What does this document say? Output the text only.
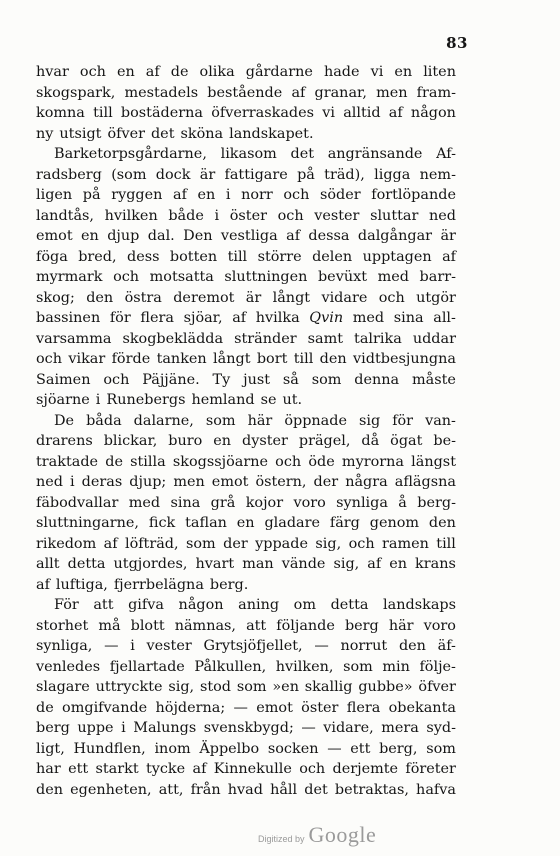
83
hvar och en af de olika gårdarne hade vi en liten
skogspark, mestadels bestående af granar, men fram-
komna till bostäderna öfverraskades vi alltid af någon
ny utsigt öfver det sköna landskapet.
Barketorpsgårdarne, likasom det angränsande Af-
radsberg (som dock är fattigare på träd), ligga nem-
ligen på ryggen af en i norr och söder fortlöpande
landtås, hvilken både i öster och vester sluttar ned
emot en djup dal. Den vestliga af dessa dalgångar är
föga bred, dess botten till större delen upptagen af
myrmark och motsatta sluttningen bevüxt med barr-
skog; den östra deremot är långt vidare och utgör
bassinen för flera sjöar, af hvilka Qvin med sina all-
varsamma skogbeklädda stränder samt talrika uddar
och vikar förde tanken långt bort till den vidtbesjungna
Saimen och Päjjäne. Ty just så som denna måste
sjöarne i Runebergs hemland se ut.
De båda dalarne, som här öppnade sig för van-
drarens blickar, buro en dyster prägel, då ögat be-
traktade de stilla skogssjöarne och öde myrorna längst
ned i deras djup; men emot östern, der några aflägsna
fäbodvallar med sina grå kojor voro synliga å berg-
sluttningarne, fick taflan en gladare färg genom den
rikedom af löfträd, som der yppade sig, och ramen till
allt detta utgjordes, hvart man vände sig, af en krans
af luftiga, fjerrbelägna berg.
För att gifva någon aning om detta landskaps
storhet må blott nämnas, att följande berg här voro
synliga, — i vester Grytsjöfjellet, — norrut den äf-
venledes fjellartade Pålkullen, hvilken, som min följe-
slagare uttryckte sig, stod som »en skallig gubbe» öfver
de omgifvande höjderna; — emot öster flera obekanta
berg uppe i Malungs svenskbygd; — vidare, mera syd-
ligt, Hundflen, inom Äppelbo socken — ett berg, som
har ett starkt tycke af Kinnekulle och derjemte företer
den egenheten, att, från hvad håll det betraktas, hafva
Digitized by Google
